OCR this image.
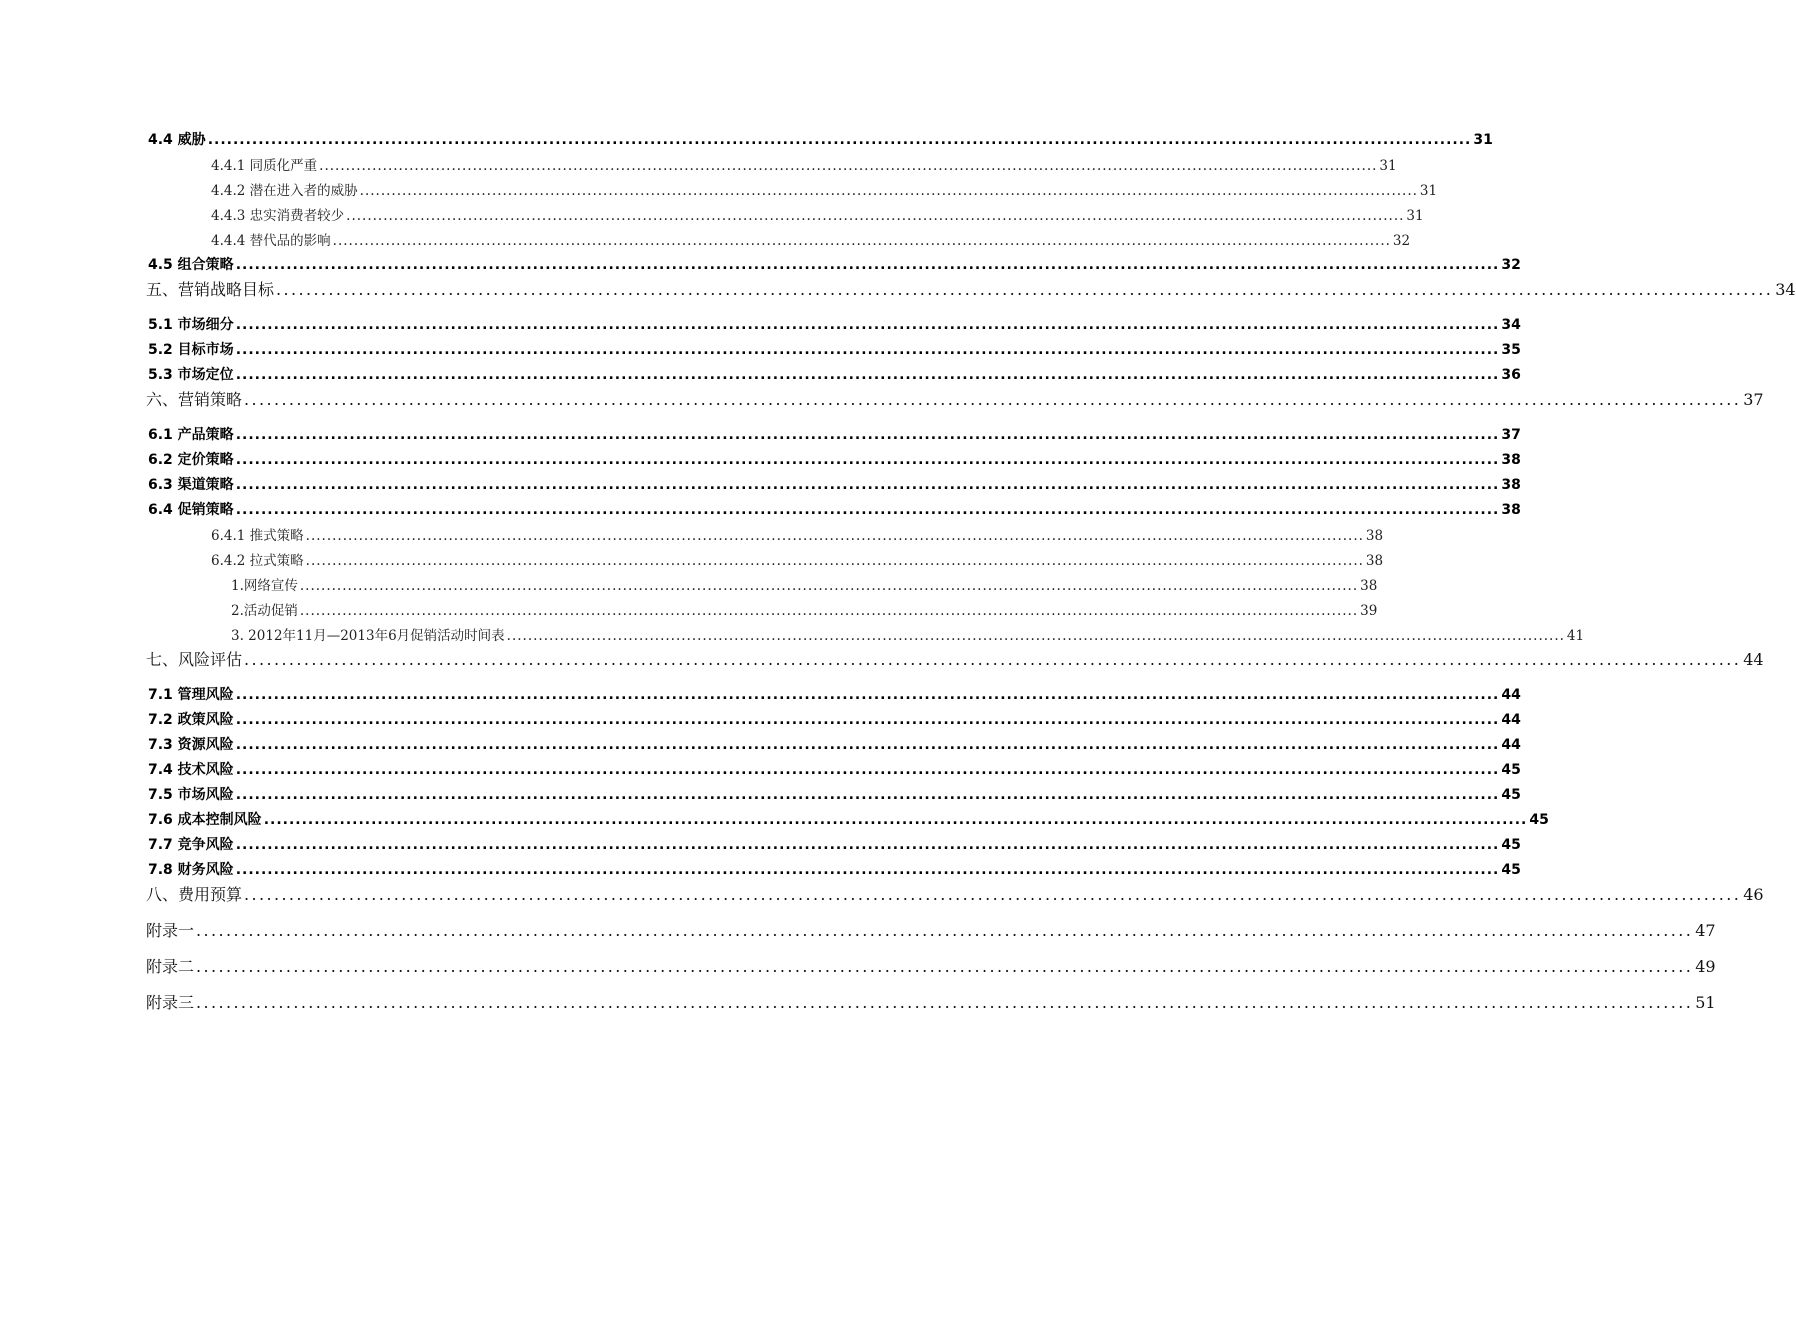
4.4 威胁 ........................................................................................................................................................................................................ 31
4.4.1 同质化严重 ........................................................................................................................................................................................................ 31
4.4.2 潜在进入者的威胁 ........................................................................................................................................................................................................ 31
4.4.3 忠实消费者较少 ........................................................................................................................................................................................................ 31
4.4.4 替代品的影响 ........................................................................................................................................................................................................ 32
4.5 组合策略 ........................................................................................................................................................................................................ 32
五、营销战略目标 ........................................................................................................................................................................................................ 34
5.1 市场细分 ........................................................................................................................................................................................................ 34
5.2 目标市场 ........................................................................................................................................................................................................ 35
5.3 市场定位 ........................................................................................................................................................................................................ 36
六、营销策略 ........................................................................................................................................................................................................ 37
6.1 产品策略 ........................................................................................................................................................................................................ 37
6.2 定价策略 ........................................................................................................................................................................................................ 38
6.3 渠道策略 ........................................................................................................................................................................................................ 38
6.4 促销策略 ........................................................................................................................................................................................................ 38
6.4.1 推式策略 ........................................................................................................................................................................................................ 38
6.4.2 拉式策略 ........................................................................................................................................................................................................ 38
1.网络宣传 ........................................................................................................................................................................................................ 38
2.活动促销 ........................................................................................................................................................................................................ 39
3. 2012年11月—2013年6月促销活动时间表 ........................................................................................................................................................................................................ 41
七、风险评估 ........................................................................................................................................................................................................ 44
7.1 管理风险 ........................................................................................................................................................................................................ 44
7.2 政策风险 ........................................................................................................................................................................................................ 44
7.3 资源风险 ........................................................................................................................................................................................................ 44
7.4 技术风险 ........................................................................................................................................................................................................ 45
7.5 市场风险 ........................................................................................................................................................................................................ 45
7.6 成本控制风险 ........................................................................................................................................................................................................ 45
7.7 竞争风险 ........................................................................................................................................................................................................ 45
7.8 财务风险 ........................................................................................................................................................................................................ 45
八、费用预算 ........................................................................................................................................................................................................ 46
附录一 ........................................................................................................................................................................................................ 47
附录二 ........................................................................................................................................................................................................ 49
附录三 ........................................................................................................................................................................................................ 51
